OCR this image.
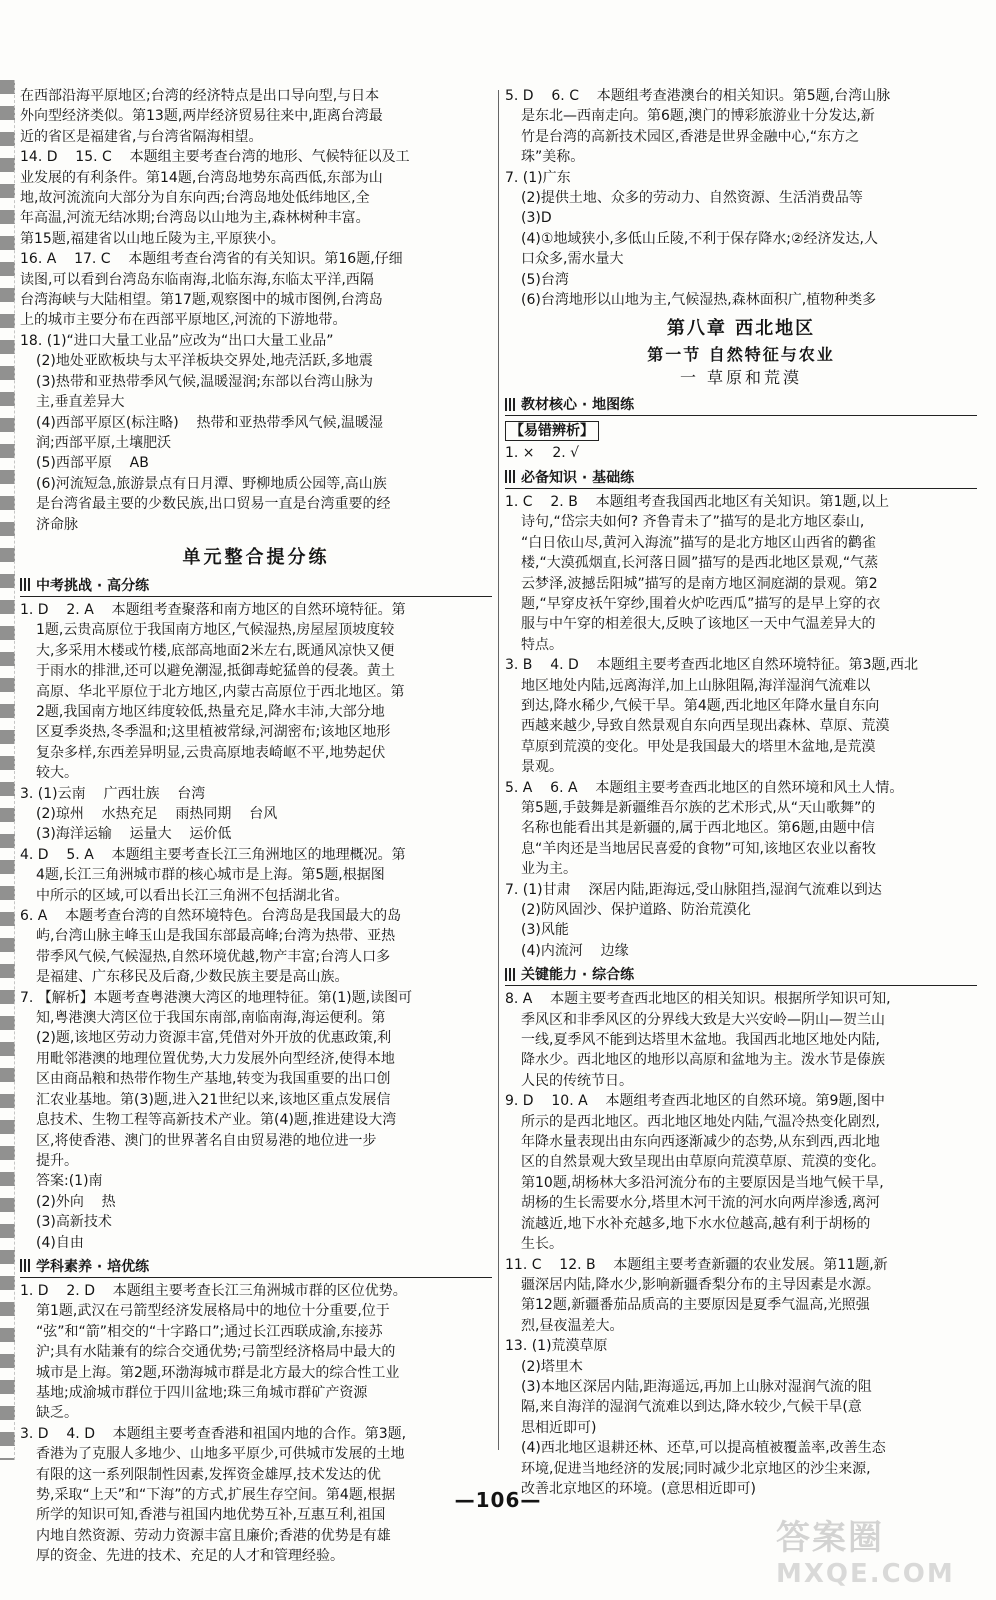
在西部沿海平原地区;台湾的经济特点是出口导向型,与日本
外向型经济类似。第13题,两岸经济贸易往来中,距离台湾最
近的省区是福建省,与台湾省隔海相望。
14. D    15. C    本题组主要考查台湾的地形、气候特征以及工
业发展的有利条件。第14题,台湾岛地势东高西低,东部为山
地,故河流流向大部分为自东向西;台湾岛地处低纬地区,全
年高温,河流无结冰期;台湾岛以山地为主,森林树种丰富。
第15题,福建省以山地丘陵为主,平原狭小。
16. A    17. C    本题组考查台湾省的有关知识。第16题,仔细
读图,可以看到台湾岛东临南海,北临东海,东临太平洋,西隔
台湾海峡与大陆相望。第17题,观察图中的城市图例,台湾岛
上的城市主要分布在西部平原地区,河流的下游地带。
18. (1)“进口大量工业品”应改为“出口大量工业品”
(2)地处亚欧板块与太平洋板块交界处,地壳活跃,多地震
(3)热带和亚热带季风气候,温暖湿润;东部以台湾山脉为
主,垂直差异大
(4)西部平原区(标注略)    热带和亚热带季风气候,温暖湿
润;西部平原,土壤肥沃
(5)西部平原    AB
(6)河流短急,旅游景点有日月潭、野柳地质公园等,高山族
是台湾省最主要的少数民族,出口贸易一直是台湾重要的经
济命脉
单元整合提分练
中考挑战 · 高分练
1. D    2. A    本题组考查聚落和南方地区的自然环境特征。第
1题,云贵高原位于我国南方地区,气候湿热,房屋屋顶坡度较
大,多采用木楼或竹楼,底部高地面2米左右,既通风凉快又便
于雨水的排泄,还可以避免潮湿,抵御毒蛇猛兽的侵袭。黄土
高原、华北平原位于北方地区,内蒙古高原位于西北地区。第
2题,我国南方地区纬度较低,热量充足,降水丰沛,大部分地
区夏季炎热,冬季温和;这里植被常绿,河湖密布;该地区地形
复杂多样,东西差异明显,云贵高原地表崎岖不平,地势起伏
较大。
3. (1)云南    广西壮族    台湾
(2)琼州    水热充足    雨热同期    台风
(3)海洋运输    运量大    运价低
4. D    5. A    本题组主要考查长江三角洲地区的地理概况。第
4题,长江三角洲城市群的核心城市是上海。第5题,根据图
中所示的区域,可以看出长江三角洲不包括湖北省。
6. A    本题考查台湾的自然环境特色。台湾岛是我国最大的岛
屿,台湾山脉主峰玉山是我国东部最高峰;台湾为热带、亚热
带季风气候,气候湿热,自然环境优越,物产丰富;台湾人口多
是福建、广东移民及后裔,少数民族主要是高山族。
7. 【解析】本题考查粤港澳大湾区的地理特征。第(1)题,读图可
知,粤港澳大湾区位于我国东南部,南临南海,海运便利。第
(2)题,该地区劳动力资源丰富,凭借对外开放的优惠政策,利
用毗邻港澳的地理位置优势,大力发展外向型经济,使得本地
区由商品粮和热带作物生产基地,转变为我国重要的出口创
汇农业基地。第(3)题,进入21世纪以来,该地区重点发展信
息技术、生物工程等高新技术产业。第(4)题,推进建设大湾
区,将使香港、澳门的世界著名自由贸易港的地位进一步
提升。
答案:(1)南
(2)外向    热
(3)高新技术
(4)自由
学科素养 · 培优练
1. D    2. D    本题组主要考查长江三角洲城市群的区位优势。
第1题,武汉在弓箭型经济发展格局中的地位十分重要,位于
“弦”和“箭”相交的“十字路口”;通过长江西联成渝,东接苏
沪;具有水陆兼有的综合交通优势;弓箭型经济格局中最大的
城市是上海。第2题,环渤海城市群是北方最大的综合性工业
基地;成渝城市群位于四川盆地;珠三角城市群矿产资源
缺乏。
3. D    4. D    本题组主要考查香港和祖国内地的合作。第3题,
香港为了克服人多地少、山地多平原少,可供城市发展的土地
有限的这一系列限制性因素,发挥资金雄厚,技术发达的优
势,采取“上天”和“下海”的方式,扩展生存空间。第4题,根据
所学的知识可知,香港与祖国内地优势互补,互惠互利,祖国
内地自然资源、劳动力资源丰富且廉价;香港的优势是有雄
厚的资金、先进的技术、充足的人才和管理经验。
5. D    6. C    本题组考查港澳台的相关知识。第5题,台湾山脉
是东北—西南走向。第6题,澳门的博彩旅游业十分发达,新
竹是台湾的高新技术园区,香港是世界金融中心,“东方之
珠”美称。
7. (1)广东
(2)提供土地、众多的劳动力、自然资源、生活消费品等
(3)D
(4)①地域狭小,多低山丘陵,不利于保存降水;②经济发达,人
口众多,需水量大
(5)台湾
(6)台湾地形以山地为主,气候湿热,森林面积广,植物种类多
第八章 西北地区
第一节 自然特征与农业
一 草原和荒漠
教材核心 · 地图练
【易错辨析】
1. ×    2. √
必备知识 · 基础练
1. C    2. B    本题组考查我国西北地区有关知识。第1题,以上
诗句,“岱宗夫如何? 齐鲁青未了”描写的是北方地区泰山,
“白日依山尽,黄河入海流”描写的是北方地区山西省的鹳雀
楼,“大漠孤烟直,长河落日圆”描写的是西北地区景观,“气蒸
云梦泽,波撼岳阳城”描写的是南方地区洞庭湖的景观。第2
题,“早穿皮袄午穿纱,围着火炉吃西瓜”描写的是早上穿的衣
服与中午穿的相差很大,反映了该地区一天中气温差异大的
特点。
3. B    4. D    本题组主要考查西北地区自然环境特征。第3题,西北
地区地处内陆,远离海洋,加上山脉阻隔,海洋湿润气流难以
到达,降水稀少,气候干旱。第4题,西北地区年降水量自东向
西越来越少,导致自然景观自东向西呈现出森林、草原、荒漠
草原到荒漠的变化。甲处是我国最大的塔里木盆地,是荒漠
景观。
5. A    6. A    本题组主要考查西北地区的自然环境和风土人情。
第5题,手鼓舞是新疆维吾尔族的艺术形式,从“天山歌舞”的
名称也能看出其是新疆的,属于西北地区。第6题,由题中信
息“羊肉还是当地居民喜爱的食物”可知,该地区农业以畜牧
业为主。
7. (1)甘肃    深居内陆,距海远,受山脉阻挡,湿润气流难以到达
(2)防风固沙、保护道路、防治荒漠化
(3)风能
(4)内流河    边缘
关键能力 · 综合练
8. A    本题主要考查西北地区的相关知识。根据所学知识可知,
季风区和非季风区的分界线大致是大兴安岭—阴山—贺兰山
一线,夏季风不能到达塔里木盆地。我国西北地区地处内陆,
降水少。西北地区的地形以高原和盆地为主。泼水节是傣族
人民的传统节日。
9. D    10. A    本题组考查西北地区的自然环境。第9题,图中
所示的是西北地区。西北地区地处内陆,气温冷热变化剧烈,
年降水量表现出由东向西逐渐减少的态势,从东到西,西北地
区的自然景观大致呈现出由草原向荒漠草原、荒漠的变化。
第10题,胡杨林大多沿河流分布的主要原因是当地气候干旱,
胡杨的生长需要水分,塔里木河干流的河水向两岸渗透,离河
流越近,地下水补充越多,地下水水位越高,越有利于胡杨的
生长。
11. C    12. B    本题组主要考查新疆的农业发展。第11题,新
疆深居内陆,降水少,影响新疆香梨分布的主导因素是水源。
第12题,新疆番茄品质高的主要原因是夏季气温高,光照强
烈,昼夜温差大。
13. (1)荒漠草原
(2)塔里木
(3)本地区深居内陆,距海遥远,再加上山脉对湿润气流的阻
隔,来自海洋的湿润气流难以到达,降水较少,气候干旱(意
思相近即可)
(4)西北地区退耕还林、还草,可以提高植被覆盖率,改善生态
环境,促进当地经济的发展;同时减少北京地区的沙尘来源,
改善北京地区的环境。(意思相近即可)
—106—
答案圈
MXQE.COM
